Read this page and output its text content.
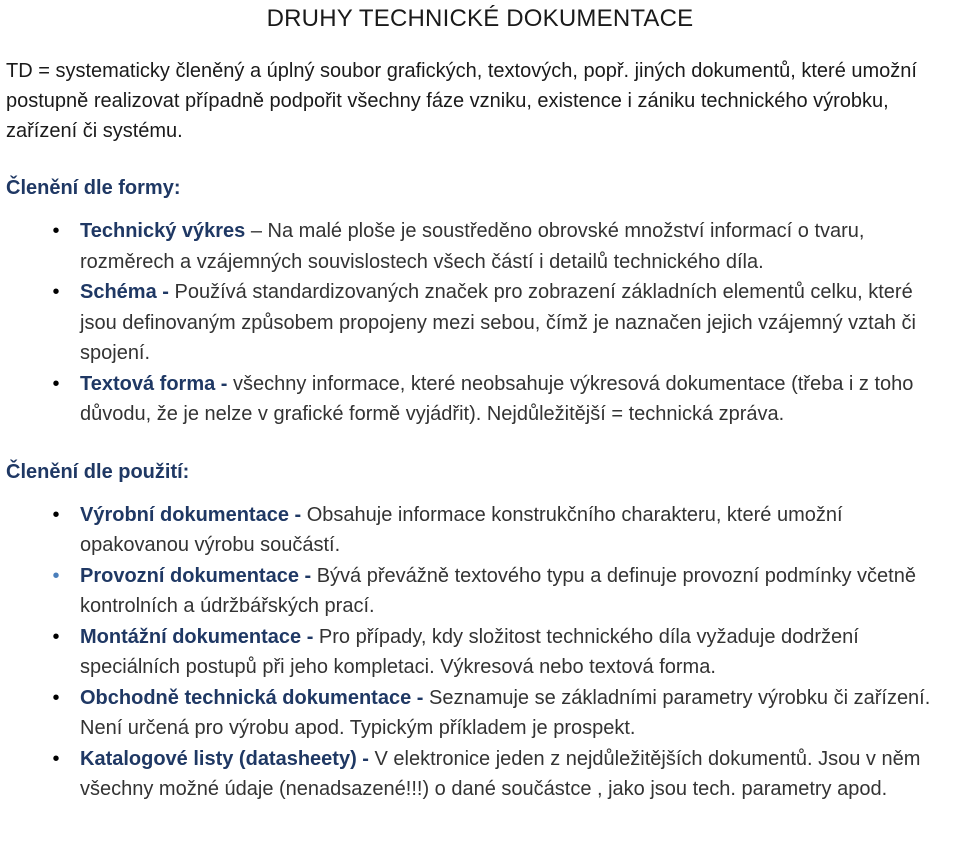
DRUHY TECHNICKÉ DOKUMENTACE

TD = systematicky členěný a úplný soubor grafických, textových, popř. jiných dokumentů, které umožní postupně realizovat případně podpořit všechny fáze vzniku, existence i zániku technického výrobku, zařízení či systému.

Členění dle formy:
•	Technický výkres – Na malé ploše je soustředěno obrovské množství informací o tvaru, rozměrech a vzájemných souvislostech všech částí i detailů technického díla.
•	Schéma - Používá standardizovaných značek pro zobrazení základních elementů celku, které jsou definovaným způsobem propojeny mezi sebou, čímž je naznačen jejich vzájemný vztah či spojení.
•	Textová forma - všechny informace, které neobsahuje výkresová dokumentace (třeba i z toho důvodu, že je nelze v grafické formě vyjádřit). Nejdůležitější = technická zpráva.
Členění dle použití:
•	Výrobní dokumentace - Obsahuje informace konstrukčního charakteru, které umožní opakovanou výrobu součástí.
•	Provozní dokumentace - Bývá převážně textového typu a definuje provozní podmínky včetně kontrolních a údržbářských prací.
•	Montážní dokumentace - Pro případy, kdy složitost technického díla vyžaduje dodržení speciálních postupů při jeho kompletaci. Výkresová nebo textová forma.
•	Obchodně technická dokumentace - Seznamuje se základními parametry výrobku či zařízení. Není určená pro výrobu apod. Typickým příkladem je prospekt.
•	Katalogové listy (datasheety) - V elektronice jeden z nejdůležitějších dokumentů. Jsou v něm všechny možné údaje (nenadsazené!!!) o dané součástce , jako jsou tech. parametry apod.
